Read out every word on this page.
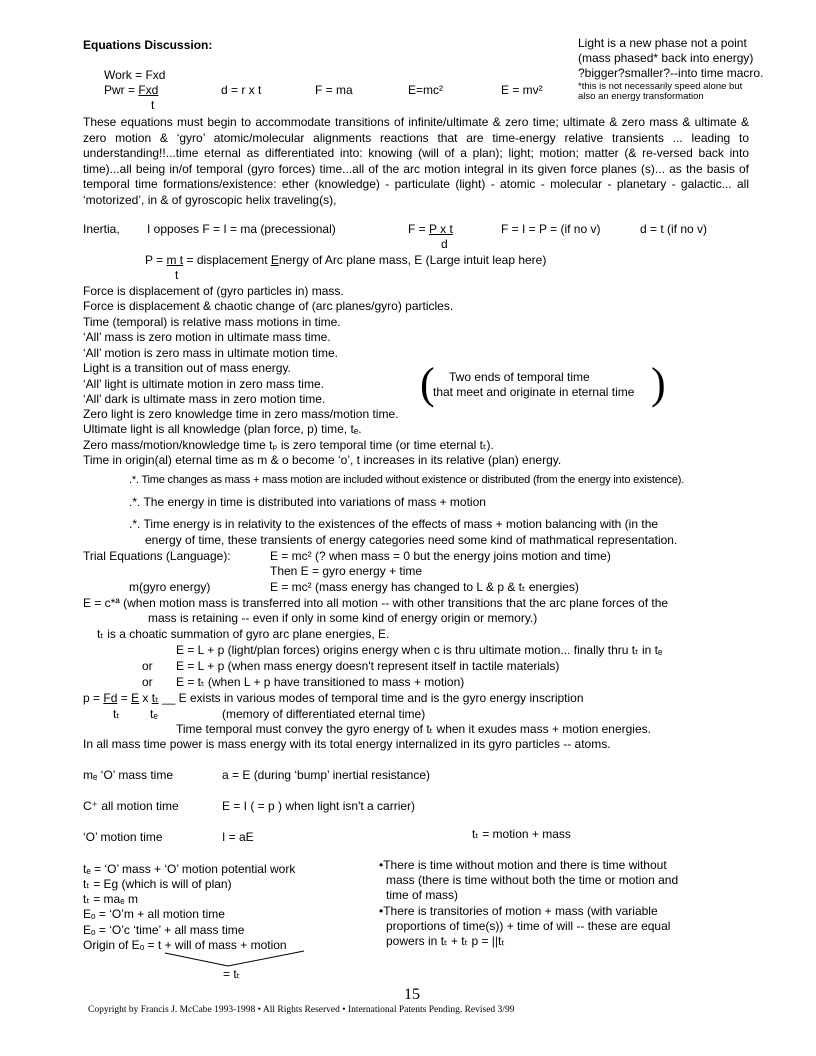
Equations Discussion:	Light is a new phase not a point
(mass phased* back into energy)
?bigger?smaller?--into time macro.
*this is not necessarily speed alone but
also an energy transformation
Work = Fxd
Pwr = Fxd
t
d = r x t	F = ma	E=mc²	E = mv²
These equations must begin to accommodate transitions of infinite/ultimate & zero time; ultimate & zero mass & ultimate & zero motion & ‘gyro’ atomic/molecular alignments reactions that are time-energy relative transients ... leading to understanding!!...time eternal as differentiated into: knowing (will of a plan); light; motion; matter (& re-versed back into time)...all being in/of temporal (gyro forces) time...all of the arc motion integral in its given force planes (s)... as the basis of temporal time formations/existence: ether (knowledge) - particulate (light) - atomic - molecular - planetary - galactic... all ‘motorized’, in & of gyroscopic helix traveling(s),
Inertia, I opposes F = I = ma (precessional)	F = P x t
d
F = I = P = (if no v)	d = t (if no v)
P = m t = displacement Energy of Arc plane mass, E (Large intuit leap here)
t
Force is displacement of (gyro particles in) mass.
Force is displacement & chaotic change of (arc planes/gyro) particles.
Time (temporal) is relative mass motions in time.
‘All’ mass is zero motion in ultimate mass time.
‘All’ motion is zero mass in ultimate motion time.
Light is a transition out of mass energy.
‘All’ light is ultimate motion in zero mass time.
‘All’ dark is ultimate mass in zero motion time.
Zero light is zero knowledge time in zero mass/motion time.
Ultimate light is all knowledge (plan force, p) time, tₑ.
Zero mass/motion/knowledge time tₚ is zero temporal time (or time eternal tₜ).
Time in origin(al) eternal time as m & o become ‘o’, t increases in its relative (plan) energy.
( Two ends of temporal time
that meet and originate in eternal time )
.*. Time changes as mass + mass motion are included without existence or distributed (from the energy into existence).
.*. The energy in time is distributed into variations of mass + motion
.*. Time energy is in relativity to the existences of the effects of mass + motion balancing with (in the
energy of time, these transients of energy categories need some kind of mathmatical representation.
Trial Equations (Language):	E = mc² (? when mass = 0 but the energy joins motion and time)
Then E = gyro energy + time
m(gyro energy)	E = mc² (mass energy has changed to L & p & tₜ energies)
E = c*ª (when motion mass is transferred into all motion -- with other transitions that the arc plane forces of the
mass is retaining -- even if only in some kind of energy origin or memory.)
tₜ is a choatic summation of gyro arc plane energies, E.
E = L + p (light/plan forces) origins energy when c is thru ultimate motion... finally thru tₜ in tₑ
or E = L + p (when mass energy doesn't represent itself in tactile materials)
or E = tₜ (when L + p have transitioned to mass + motion)
p = Fd = E x tₜ __ E exists in various modes of temporal time and is the gyro energy inscription
tₜ	tₑ	(memory of differentiated eternal time)
Time temporal must convey the gyro energy of tₜ when it exudes mass + motion energies.
In all mass time power is mass energy with its total energy internalized in its gyro particles -- atoms.
mₑ ‘O’ mass time	a = E (during ‘bump’ inertial resistance)
C⁺ all motion time	E = I ( = p ) when light isn't a carrier)
‘O’ motion time	I = aE	tₜ = motion + mass
tₑ = ‘O’ mass + ‘O’ motion potential work
tₜ = Eg (which is will of plan)
tₜ = maₑ m
Eₒ = ‘O’m + all motion time
Eₒ = ‘O’c ‘time’ + all mass time
Origin of Eₒ = t + will of mass + motion
= tₜ
•There is time without motion and there is time without
mass (there is time without both the time or motion and
time of mass)
•There is transitories of motion + mass (with variable
proportions of time(s)) + time of will -- these are equal
powers in tₜ + tₜ p = ||tₜ
15
Copyright by Francis J. McCabe 1993-1998 • All Rights Reserved • International Patents Pending. Revised 3/99
